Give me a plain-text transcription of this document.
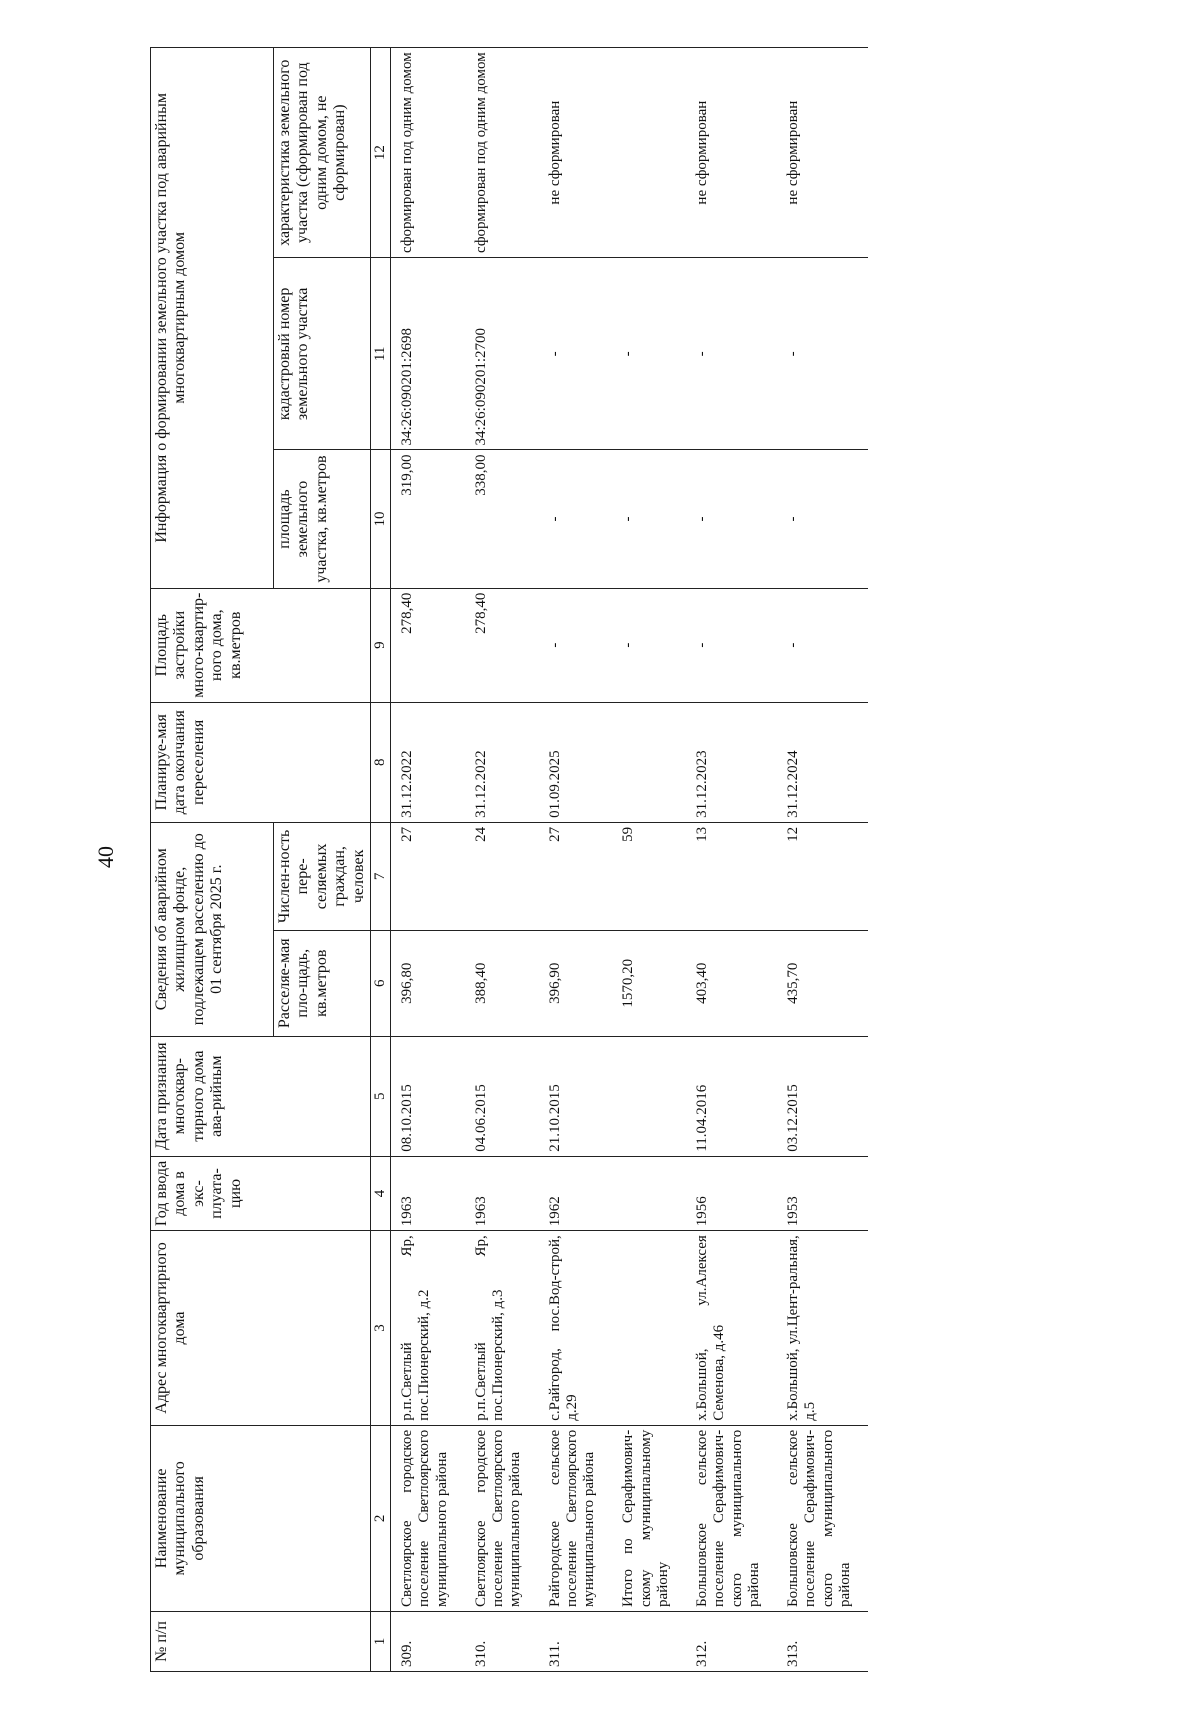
40
№ п/п	Наименование муниципального образования	Адрес многоквартирного дома	Год ввода дома в экс-плуата-цию	Дата признания многоквар-тирного дома ава-рийным	Сведения об аварийном жилищном фонде, подлежащем расселению до 01 сентября 2025 г.		Планируе-мая дата окончания переселения	Площадь застройки много-квартир-ного дома, кв.метров	Информация о формировании земельного участка под аварийным многоквартирным домом		
					Расселяе-мая пло-щадь, кв.метров	Числен-ность пере-селяемых граждан, человек			площадь земельного участка, кв.метров	кадастровый номер земельного участка	характеристика земельного участка (сформирован под одним домом, не сформирован)
1	2	3	4	5	6	7	8	9	10	11	12
309.	Светлоярское городское поселение Светлоярского муниципального района	р.п.Светлый Яр, пос.Пионерский, д.2	1963	08.10.2015	396,80	27	31.12.2022	278,40	319,00	34:26:090201:2698	сформирован под одним домом
310.	Светлоярское городское поселение Светлоярского муниципального района	р.п.Светлый Яр, пос.Пионерский, д.3	1963	04.06.2015	388,40	24	31.12.2022	278,40	338,00	34:26:090201:2700	сформирован под одним домом
311.	Райгородское сельское поселение Светлоярского муниципального района	с.Райгород, пос.Вод-строй, д.29	1962	21.10.2015	396,90	27	01.09.2025	-	-	-	не сформирован
	Итого по Серафимович-скому муниципальному району				1570,20	59		-	-	-	
312.	Большовское сельское поселение Серафимович-ского муниципального района	х.Большой, ул.Алексея Семенова, д.46	1956	11.04.2016	403,40	13	31.12.2023	-	-	-	не сформирован
313.	Большовское сельское поселение Серафимович-ского муниципального района	х.Большой, ул.Цент-ральная, д.5	1953	03.12.2015	435,70	12	31.12.2024	-	-	-	не сформирован
